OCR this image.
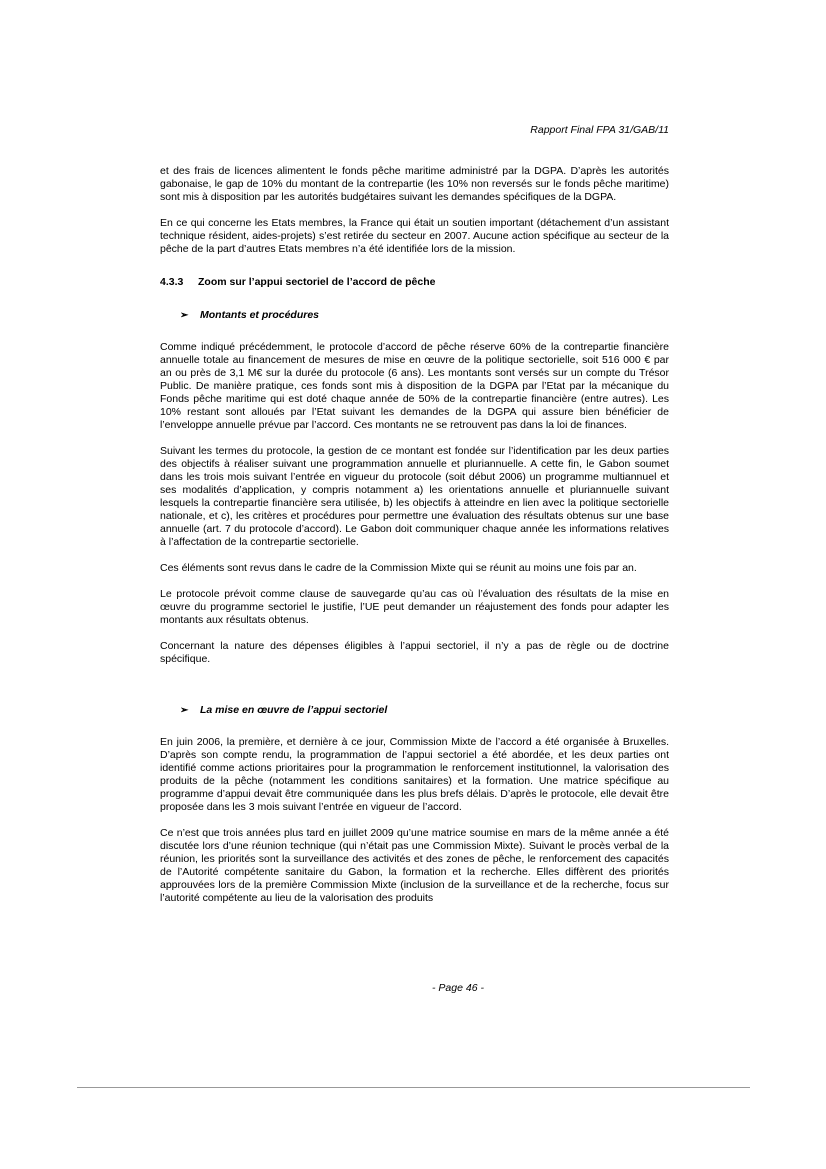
Rapport Final FPA 31/GAB/11

et des frais de licences alimentent le fonds pêche maritime administré par la DGPA. D’après les autorités gabonaise, le gap de 10% du montant de la contrepartie (les 10% non reversés sur le fonds pêche maritime) sont mis à disposition par les autorités budgétaires suivant les demandes spécifiques de la DGPA.

En ce qui concerne les Etats membres, la France qui était un soutien important (détachement d’un assistant technique résident, aides-projets) s’est retirée du secteur en 2007. Aucune action spécifique au secteur de la pêche de la part d’autres Etats membres n’a été identifiée lors de la mission.

4.3.3	Zoom sur l’appui sectoriel de l’accord de pêche
➢	Montants et procédures

Comme indiqué précédemment, le protocole d’accord de pêche réserve 60% de la contrepartie financière annuelle totale au financement de mesures de mise en œuvre de la politique sectorielle, soit 516 000 € par an ou près de 3,1 M€ sur la durée du protocole (6 ans). Les montants sont versés sur un compte du Trésor Public. De manière pratique, ces fonds sont mis à disposition de la DGPA par l’Etat par la mécanique du Fonds pêche maritime qui est doté chaque année de 50% de la contrepartie financière (entre autres). Les 10% restant sont alloués par l’Etat suivant les demandes de la DGPA qui assure bien bénéficier de l’enveloppe annuelle prévue par l’accord. Ces montants ne se retrouvent pas dans la loi de finances.

Suivant les termes du protocole, la gestion de ce montant est fondée sur l’identification par les deux parties des objectifs à réaliser suivant une programmation annuelle et pluriannuelle. A cette fin, le Gabon soumet dans les trois mois suivant l’entrée en vigueur du protocole (soit début 2006) un programme multiannuel et ses modalités d’application, y compris notamment a) les orientations annuelle et pluriannuelle suivant lesquels la contrepartie financière sera utilisée, b) les objectifs à atteindre en lien avec la politique sectorielle nationale, et c), les critères et procédures pour permettre une évaluation des résultats obtenus sur une base annuelle (art. 7 du protocole d’accord). Le Gabon doit communiquer chaque année les informations relatives à l’affectation de la contrepartie sectorielle.

Ces éléments sont revus dans le cadre de la Commission Mixte qui se réunit au moins une fois par an.

Le protocole prévoit comme clause de sauvegarde qu’au cas où l’évaluation des résultats de la mise en œuvre du programme sectoriel le justifie, l’UE peut demander un réajustement des fonds pour adapter les montants aux résultats obtenus.

Concernant la nature des dépenses éligibles à l’appui sectoriel, il n’y a pas de règle ou de doctrine spécifique.

➢	La mise en œuvre de l’appui sectoriel

En juin 2006, la première, et dernière à ce jour, Commission Mixte de l’accord a été organisée à Bruxelles. D’après son compte rendu, la programmation de l’appui sectoriel a été abordée, et les deux parties ont identifié comme actions prioritaires pour la programmation le renforcement institutionnel, la valorisation des produits de la pêche (notamment les conditions sanitaires) et la formation. Une matrice spécifique au programme d’appui devait être communiquée dans les plus brefs délais. D’après le protocole, elle devait être proposée dans les 3 mois suivant l’entrée en vigueur de l’accord.

Ce n’est que trois années plus tard en juillet 2009 qu’une matrice soumise en mars de la même année a été discutée lors d’une réunion technique (qui n’était pas une Commission Mixte). Suivant le procès verbal de la réunion, les priorités sont la surveillance des activités et des zones de pêche, le renforcement des capacités de l’Autorité compétente sanitaire du Gabon, la formation et la recherche. Elles diffèrent des priorités approuvées lors de la première Commission Mixte (inclusion de la surveillance et de la recherche, focus sur l’autorité compétente au lieu de la valorisation des produits

- Page 46 -
